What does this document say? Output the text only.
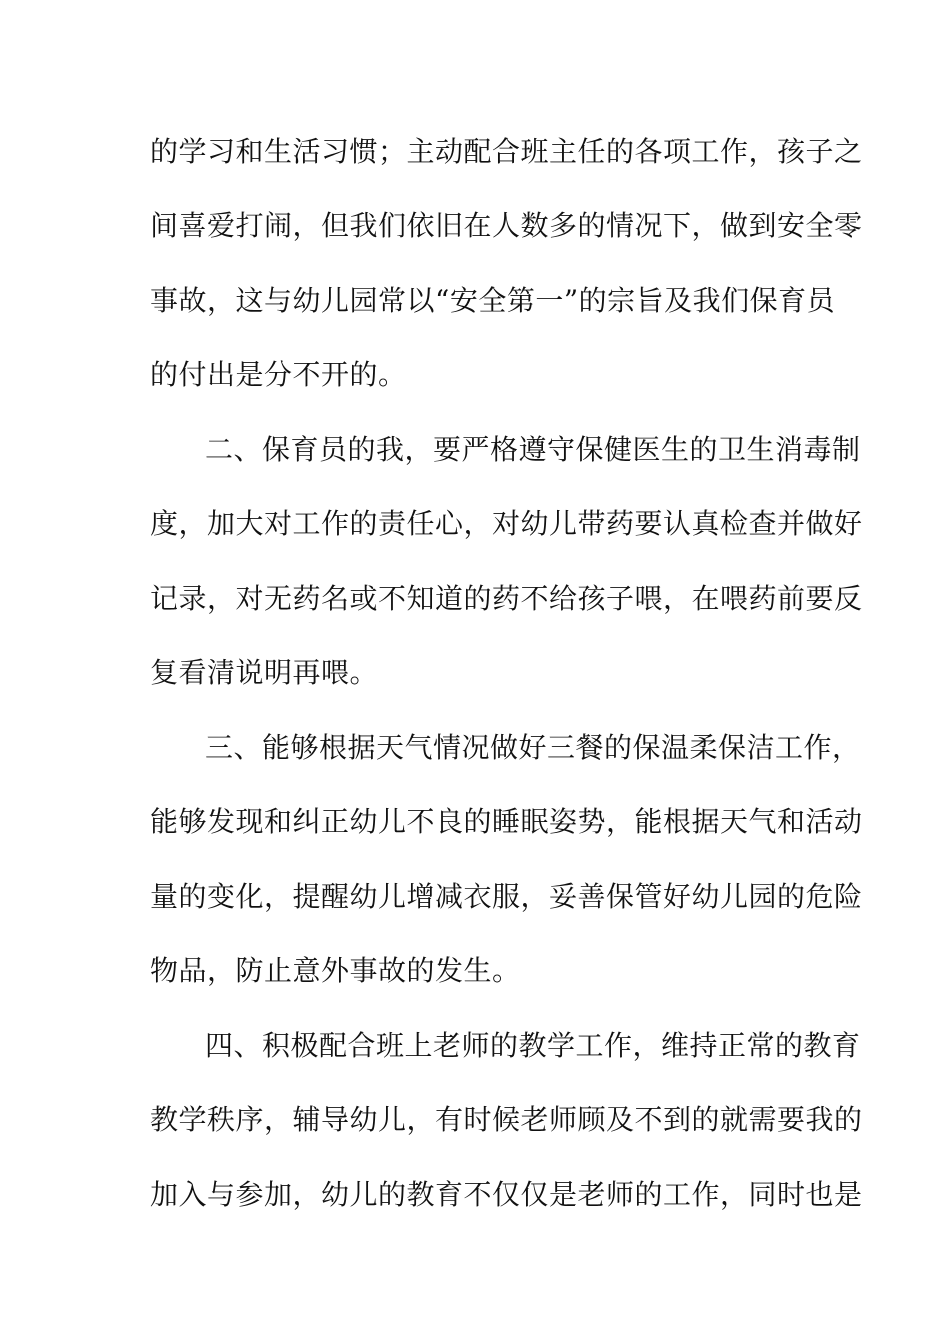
的学习和生活习惯；主动配合班主任的各项工作，孩子之
间喜爱打闹，但我们依旧在人数多的情况下，做到安全零
事故，这与幼儿园常以“安全第一”的宗旨及我们保育员
的付出是分不开的。
二、保育员的我，要严格遵守保健医生的卫生消毒制
度，加大对工作的责任心，对幼儿带药要认真检查并做好
记录，对无药名或不知道的药不给孩子喂，在喂药前要反
复看清说明再喂。
三、能够根据天气情况做好三餐的保温柔保洁工作，
能够发现和纠正幼儿不良的睡眠姿势，能根据天气和活动
量的变化，提醒幼儿增减衣服，妥善保管好幼儿园的危险
物品，防止意外事故的发生。
四、积极配合班上老师的教学工作，维持正常的教育
教学秩序，辅导幼儿，有时候老师顾及不到的就需要我的
加入与参加，幼儿的教育不仅仅是老师的工作，同时也是
